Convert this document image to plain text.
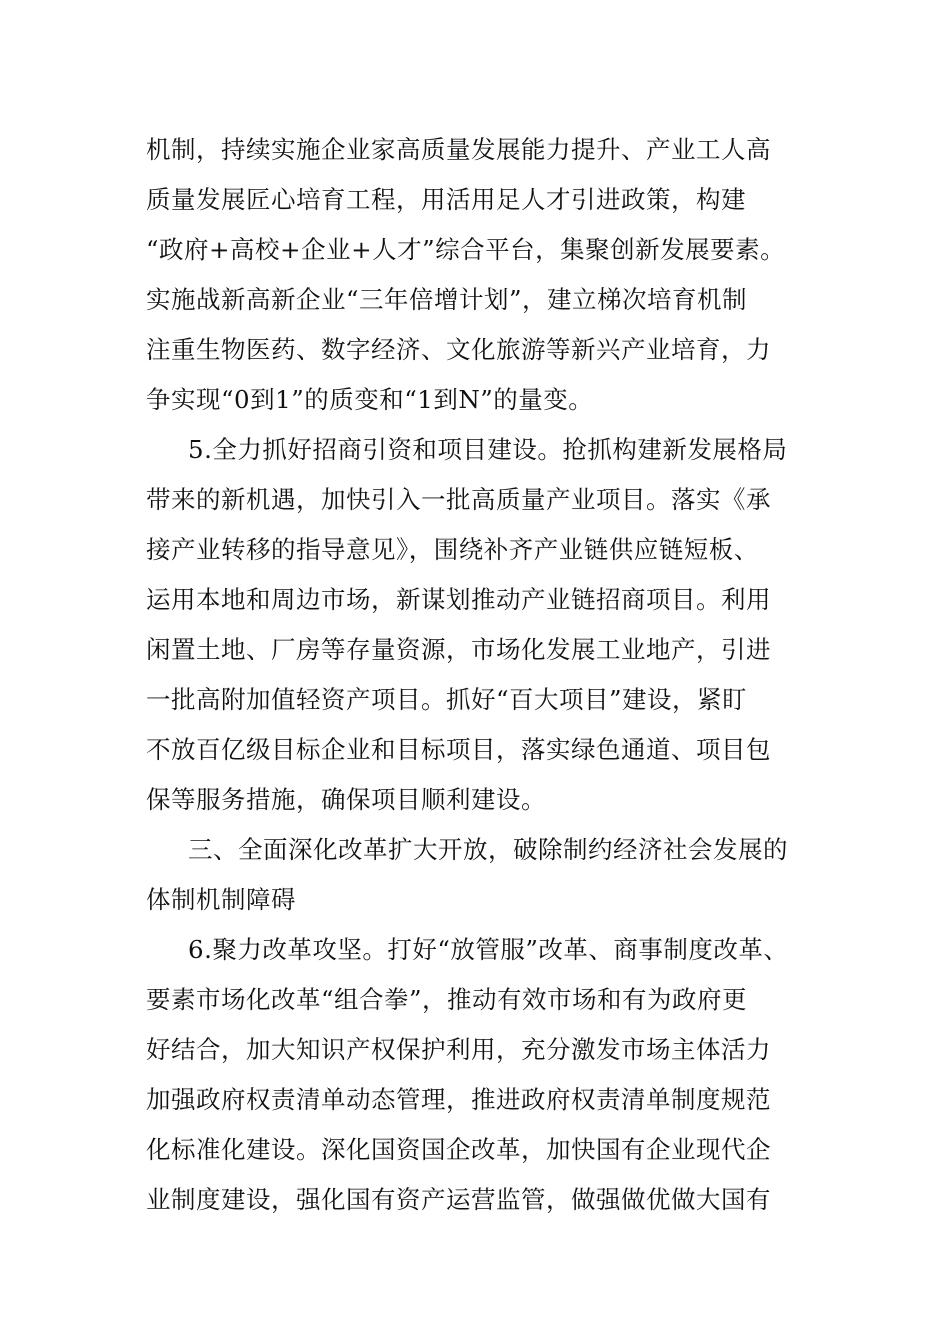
机制，持续实施企业家高质量发展能力提升、产业工人高
质量发展匠心培育工程，用活用足人才引进政策，构建
“政府+高校+企业+人才”综合平台，集聚创新发展要素。
实施战新高新企业“三年倍增计划”，建立梯次培育机制
注重生物医药、数字经济、文化旅游等新兴产业培育，力
争实现“0到1”的质变和“1到N”的量变。
5.全力抓好招商引资和项目建设。抢抓构建新发展格局
带来的新机遇，加快引入一批高质量产业项目。落实《承
接产业转移的指导意见》，围绕补齐产业链供应链短板、
运用本地和周边市场，新谋划推动产业链招商项目。利用
闲置土地、厂房等存量资源，市场化发展工业地产，引进
一批高附加值轻资产项目。抓好“百大项目”建设，紧盯
不放百亿级目标企业和目标项目，落实绿色通道、项目包
保等服务措施，确保项目顺利建设。
三、全面深化改革扩大开放，破除制约经济社会发展的
体制机制障碍
6.聚力改革攻坚。打好“放管服”改革、商事制度改革、
要素市场化改革“组合拳”，推动有效市场和有为政府更
好结合，加大知识产权保护利用，充分激发市场主体活力
加强政府权责清单动态管理，推进政府权责清单制度规范
化标准化建设。深化国资国企改革，加快国有企业现代企
业制度建设，强化国有资产运营监管，做强做优做大国有
